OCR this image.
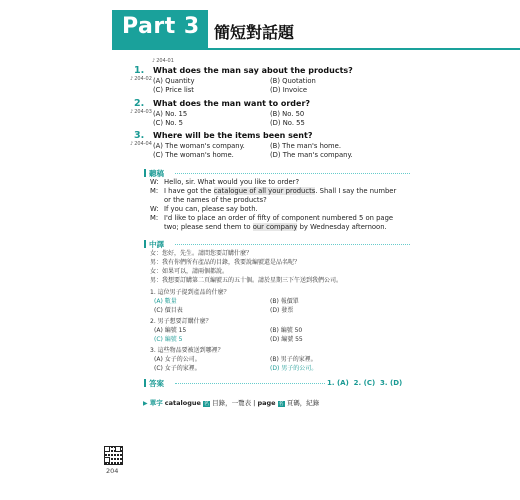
Part 3 簡短對話題
♪ 204-01
1.
♪ 204-02
What does the man say about the products?
(A) Quantity	(B) Quotation
(C) Price list	(D) Invoice
2.
♪ 204-03
What does the man want to order?
(A) No. 15	(B) No. 50
(C) No. 5	(D) No. 55
3.
♪ 204-04
Where will be the items been sent?
(A) The woman's company.	(B) The man's home.
(C) The woman's home.	(D) The man's company.
聽稿
W: Hello, sir. What would you like to order?
M: I have got the catalogue of all your products. Shall I say the number
or the names of the products?
W: If you can, please say both.
M: I'd like to place an order of fifty of component numbered 5 on page
two; please send them to our company by Wednesday afternoon.
中譯
女：您好，先生。請問您要訂購什麼？
男：我有你們所有產品的目錄，我要說編號還是品名呢？
女：如果可以，請兩個都說。
男：我想要訂購第二頁編號五的五十個。請於星期三下午送到我們公司。
1. 這位男子提到產品的什麼？
(A) 數量	(B) 報價單
(C) 價目表	(D) 發票
2. 男子想要訂購什麼？
(A) 編號 15	(B) 編號 50
(C) 編號 5	(D) 編號 55
3. 這些物品要被送到哪裡？
(A) 女子的公司。	(B) 男子的家裡。
(C) 女子的家裡。	(D) 男子的公司。
答案	1. (A)  2. (C)  3. (D)
▶ 單字 catalogue 名 目錄，一覽表 | page 名 頁碼，紀錄
204
